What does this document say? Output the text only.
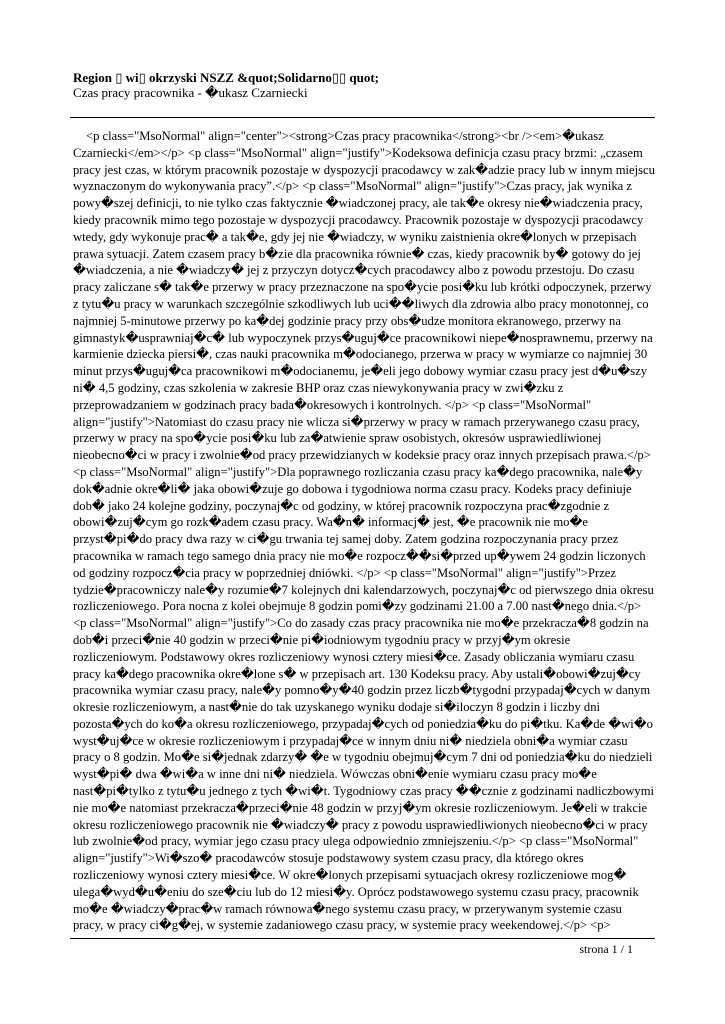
Region ▯ wi▯ okrzyski NSZZ &quot;Solidarno▯▯ quot;
Czas pracy pracownika - �ukasz Czarniecki

<p class="MsoNormal" align="center"><strong>Czas pracy pracownika</strong><br /><em>�ukasz Czarniecki</em></p> <p class="MsoNormal" align="justify">Kodeksowa definicja czasu pracy brzmi: „czasem pracy jest czas, w którym pracownik pozostaje w dyspozycji pracodawcy w zak�adzie pracy lub w innym miejscu wyznaczonym do wykonywania pracy”.</p> <p class="MsoNormal" align="justify">Czas pracy, jak wynika z powy�szej definicji, to nie tylko czas faktycznie �wiadczonej pracy, ale tak�e okresy nie�wiadczenia pracy, kiedy pracownik mimo tego pozostaje w dyspozycji pracodawcy. Pracownik pozostaje w dyspozycji pracodawcy wtedy, gdy wykonuje prac� a tak�e, gdy jej nie �wiadczy, w wyniku zaistnienia okre�lonych w przepisach prawa sytuacji. Zatem czasem pracy b�zie dla pracownika równie� czas, kiedy pracownik by� gotowy do jej �wiadczenia, a nie �wiadczy� jej z przyczyn dotycz�cych pracodawcy albo z powodu przestoju. Do czasu pracy zaliczane s� tak�e przerwy w pracy przeznaczone na spo�ycie posi�ku lub krótki odpoczynek, przerwy z tytu�u pracy w warunkach szczególnie szkodliwych lub uci��liwych dla zdrowia albo pracy monotonnej, co najmniej 5-minutowe przerwy po ka�dej godzinie pracy przy obs�udze monitora ekranowego, przerwy na gimnastyk�usprawniaj�c� lub wypoczynek przys�uguj�ce pracownikowi niepe�nosprawnemu, przerwy na karmienie dziecka piersi�, czas nauki pracownika m�odocianego, przerwa w pracy w wymiarze co najmniej 30 minut przys�uguj�ca pracownikowi m�odocianemu, je�eli jego dobowy wymiar czasu pracy jest d�u�szy ni� 4,5 godziny, czas szkolenia w zakresie BHP oraz czas niewykonywania pracy w zwi�zku z przeprowadzaniem w godzinach pracy bada�okresowych i kontrolnych. </p> <p class="MsoNormal" align="justify">Natomiast do czasu pracy nie wlicza si�przerwy w pracy w ramach przerywanego czasu pracy, przerwy w pracy na spo�ycie posi�ku lub za�atwienie spraw osobistych, okresów usprawiedliwionej nieobecno�ci w pracy i zwolnie�od pracy przewidzianych w kodeksie pracy oraz innych przepisach prawa.</p> <p class="MsoNormal" align="justify">Dla poprawnego rozliczania czasu pracy ka�dego pracownika, nale�y dok�adnie okre�li� jaka obowi�zuje go dobowa i tygodniowa norma czasu pracy. Kodeks pracy definiuje dob� jako 24 kolejne godziny, poczynaj�c od godziny, w której pracownik rozpoczyna prac�zgodnie z obowi�zuj�cym go rozk�adem czasu pracy. Wa�n� informacj� jest, �e pracownik nie mo�e przyst�pi�do pracy dwa razy w ci�gu trwania tej samej doby. Zatem godzina rozpoczynania pracy przez pracownika w ramach tego samego dnia pracy nie mo�e rozpocz��si�przed up�ywem 24 godzin liczonych od godziny rozpocz�cia pracy w poprzedniej dniówki. </p> <p class="MsoNormal" align="justify">Przez tydzie�pracowniczy nale�y rozumie�7 kolejnych dni kalendarzowych, poczynaj�c od pierwszego dnia okresu rozliczeniowego. Pora nocna z kolei obejmuje 8 godzin pomi�zy godzinami 21.00 a 7.00 nast�nego dnia.</p> <p class="MsoNormal" align="justify">Co do zasady czas pracy pracownika nie mo�e przekracza�8 godzin na dob�i przeci�nie 40 godzin w przeci�nie pi�iodniowym tygodniu pracy w przyj�ym okresie rozliczeniowym. Podstawowy okres rozliczeniowy wynosi cztery miesi�ce. Zasady obliczania wymiaru czasu pracy ka�dego pracownika okre�lone s� w przepisach art. 130 Kodeksu pracy. Aby ustali�obowi�zuj�cy pracownika wymiar czasu pracy, nale�y pomno�y�40 godzin przez liczb�tygodni przypadaj�cych w danym okresie rozliczeniowym, a nast�nie do tak uzyskanego wyniku dodaje si�iloczyn 8 godzin i liczby dni pozosta�ych do ko�a okresu rozliczeniowego, przypadaj�cych od poniedzia�ku do pi�tku. Ka�de �wi�o wyst�uj�ce w okresie rozliczeniowym i przypadaj�ce w innym dniu ni� niedziela obni�a wymiar czasu pracy o 8 godzin. Mo�e si�jednak zdarzy� �e w tygodniu obejmuj�cym 7 dni od poniedzia�ku do niedzieli wyst�pi� dwa �wi�a w inne dni ni� niedziela. Wówczas obni�enie wymiaru czasu pracy mo�e nast�pi�tylko z tytu�u jednego z tych �wi�t. Tygodniowy czas pracy ��cznie z godzinami nadliczbowymi nie mo�e natomiast przekracza�przeci�nie 48 godzin w przyj�ym okresie rozliczeniowym. Je�eli w trakcie okresu rozliczeniowego pracownik nie �wiadczy� pracy z powodu usprawiedliwionych nieobecno�ci w pracy lub zwolnie�od pracy, wymiar jego czasu pracy ulega odpowiednio zmniejszeniu.</p> <p class="MsoNormal" align="justify">Wi�szo� pracodawców stosuje podstawowy system czasu pracy, dla którego okres rozliczeniowy wynosi cztery miesi�ce. W okre�lonych przepisami sytuacjach okresy rozliczeniowe mog� ulega�wyd�u�eniu do sze�ciu lub do 12 miesi�y. Oprócz podstawowego systemu czasu pracy, pracownik mo�e �wiadczy�prac�w ramach równowa�nego systemu czasu pracy, w przerywanym systemie czasu pracy, w pracy ci�g�ej, w systemie zadaniowego czasu pracy, w systemie pracy weekendowej.</p> <p>

strona 1 / 1
